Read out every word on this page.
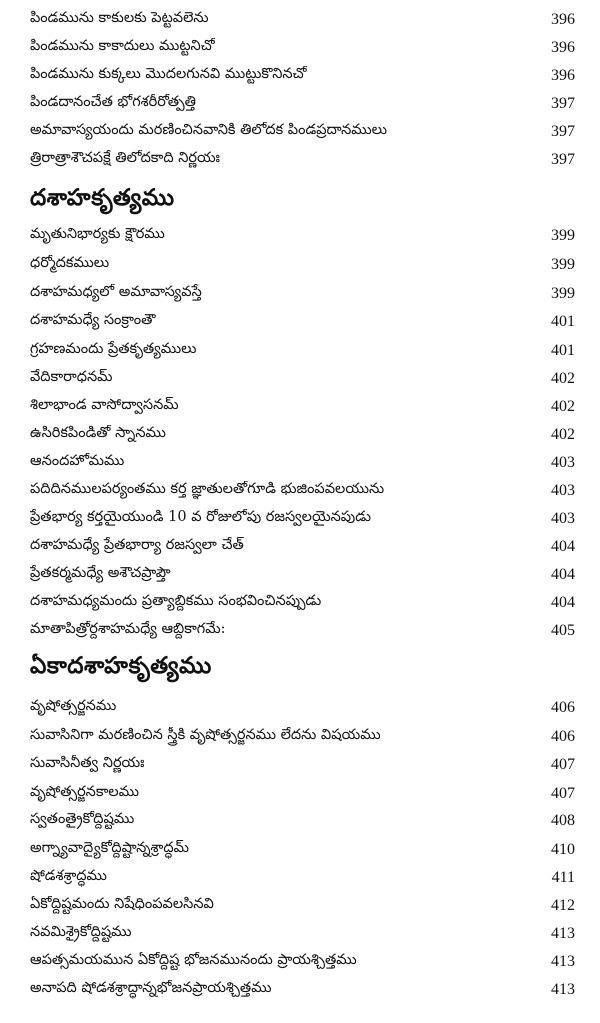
పిండమును కాకులకు పెట్టవలెను	396
పిండమును కాకాదులు ముట్టనిచో	396
పిండమును కుక్కలు మొదలగునవి ముట్టుకొనినచో	396
పిండదానంచేత భోగశరీరోత్పత్తి	397
అమావాస్యయందు మరణించినవానికి తిలోదక పిండప్రదానములు	397
త్రిరాత్రాశౌచపక్షే తిలోదకాది నిర్ణయః	397
దశాహకృత్యము
మృతునిభార్యకు క్షౌరము	399
ధర్మోదకములు	399
దశాహమధ్యలో అమావాస్యవస్తే	399
దశాహమధ్యే సంక్రాంతౌ	401
గ్రహణమందు ప్రేతకృత్యములు	401
వేదికారాధనమ్	402
శిలాభాండ వాసోద్వాసనమ్	402
ఉసిరికపిండితో స్నానము	402
ఆనందహోమము	403
పదిదినములపర్యంతము కర్త జ్ఞాతులతోగూడి భుజింపవలయును	403
ప్రేతభార్య కర్తయైయుండి 10 వ రోజులోపు రజస్వలయైనపుడు	403
దశాహమధ్యే ప్రేతభార్యా రజస్వలా చేత్	404
ప్రేతకర్మమధ్యే అశౌచప్రాప్తౌ	404
దశాహమధ్యమందు ప్రత్యాబ్దికము సంభవించినప్పుడు	404
మాతాపిత్రోర్దశాహమధ్యే ఆబ్దికాగమే:	405
ఏకాదశాహకృత్యము
వృషోత్సర్జనము	406
సువాసినిగా మరణించిన స్త్రీకి వృషోత్సర్జనము లేదను విషయము	406
సువాసినీత్వ నిర్ణయః	407
వృషోత్సర్జనకాలము	407
స్వతంత్రైకోద్దిష్టము	408
అగ్న్యావాద్యైకోద్దిష్టాన్నశ్రాద్ధమ్	410
షోడశశ్రాద్ధము	411
ఏకోద్దిష్టమందు నిషేధింపవలసినవి	412
నవమిశ్రైకోద్దిష్టము	413
ఆపత్సమయమున ఏకోద్దిష్ట భోజనమునందు ప్రాయశ్చిత్తము	413
అనాపది షోడశశ్రాద్ధాన్నభోజనప్రాయశ్చిత్తము	413
